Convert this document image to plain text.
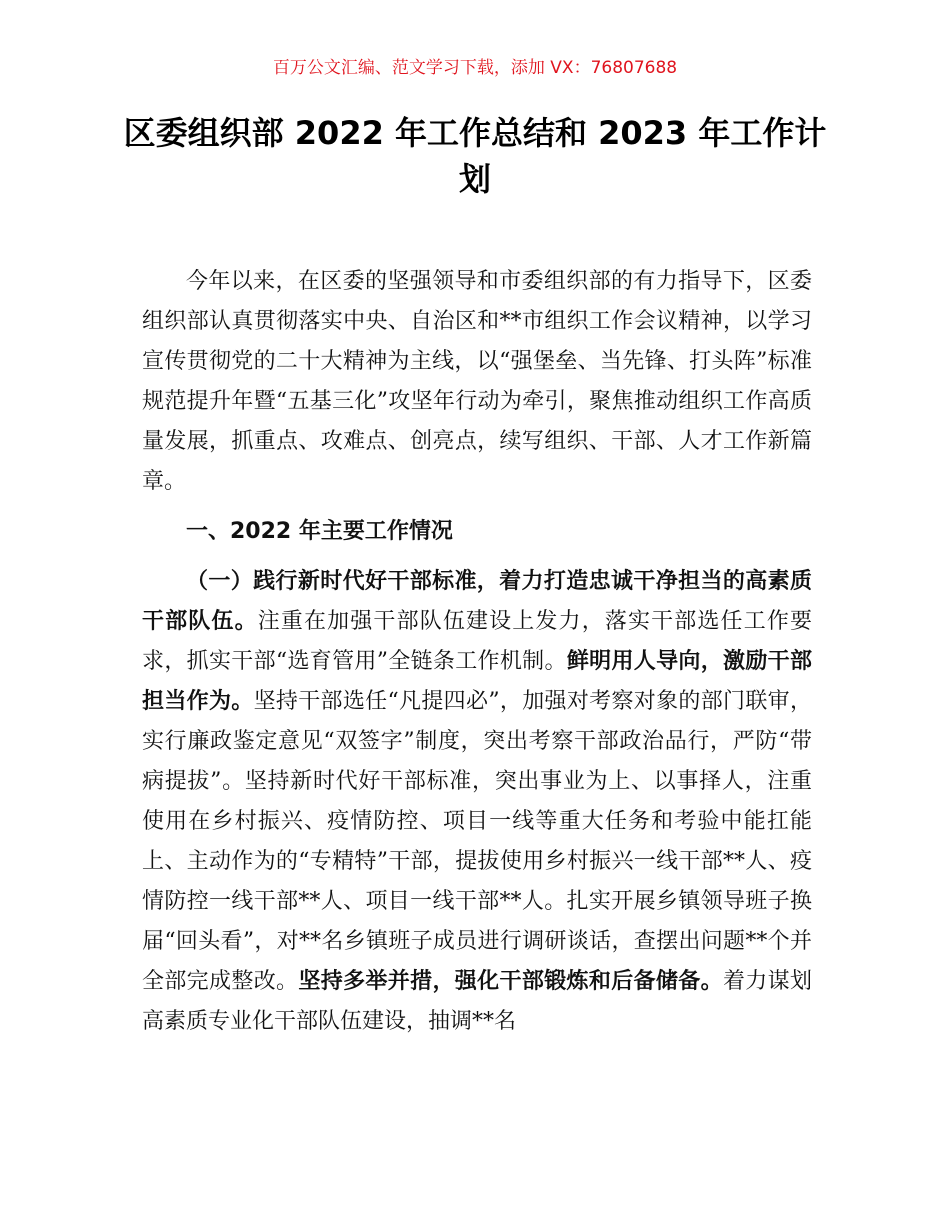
百万公文汇编、范文学习下载，添加 VX：76807688
区委组织部 2022 年工作总结和 2023 年工作计划

今年以来，在区委的坚强领导和市委组织部的有力指导下，区委组织部认真贯彻落实中央、自治区和**市组织工作会议精神，以学习宣传贯彻党的二十大精神为主线，以“强堡垒、当先锋、打头阵”标准规范提升年暨“五基三化”攻坚年行动为牵引，聚焦推动组织工作高质量发展，抓重点、攻难点、创亮点，续写组织、干部、人才工作新篇章。

一、2022 年主要工作情况

（一）践行新时代好干部标准，着力打造忠诚干净担当的高素质干部队伍。注重在加强干部队伍建设上发力，落实干部选任工作要求，抓实干部“选育管用”全链条工作机制。鲜明用人导向，激励干部担当作为。坚持干部选任“凡提四必”，加强对考察对象的部门联审，实行廉政鉴定意见“双签字”制度，突出考察干部政治品行，严防“带病提拔”。坚持新时代好干部标准，突出事业为上、以事择人，注重使用在乡村振兴、疫情防控、项目一线等重大任务和考验中能扛能上、主动作为的“专精特”干部，提拔使用乡村振兴一线干部**人、疫情防控一线干部**人、项目一线干部**人。扎实开展乡镇领导班子换届“回头看”，对**名乡镇班子成员进行调研谈话，查摆出问题**个并全部完成整改。坚持多举并措，强化干部锻炼和后备储备。着力谋划高素质专业化干部队伍建设，抽调**名
